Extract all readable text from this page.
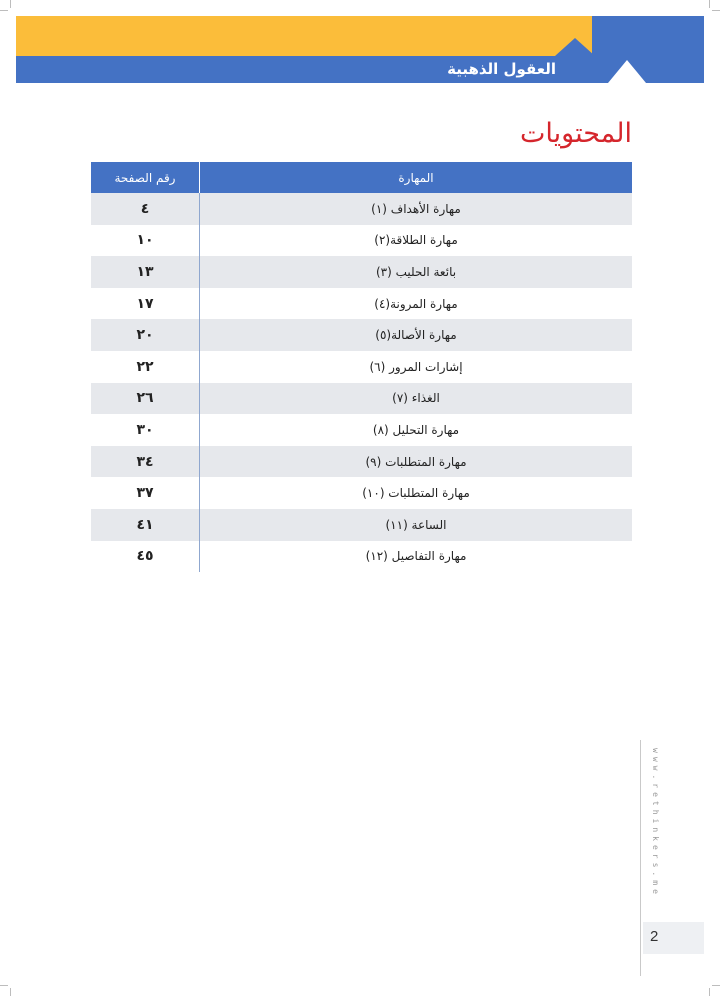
العقول الذهبية
المحتويات
المهارة	رقم الصفحة
مهارة الأهداف (١)	٤
مهارة الطلاقة(٢)	١٠
بائعة الحليب (٣)	١٣
مهارة المرونة(٤)	١٧
مهارة الأصالة(٥)	٢٠
إشارات المرور (٦)	٢٢
الغذاء (٧)	٢٦
مهارة التحليل (٨)	٣٠
مهارة المتطلبات (٩)	٣٤
مهارة المتطلبات (١٠)	٣٧
الساعة (١١)	٤١
مهارة التفاصيل (١٢)	٤٥
www.rethinkers.me
2
